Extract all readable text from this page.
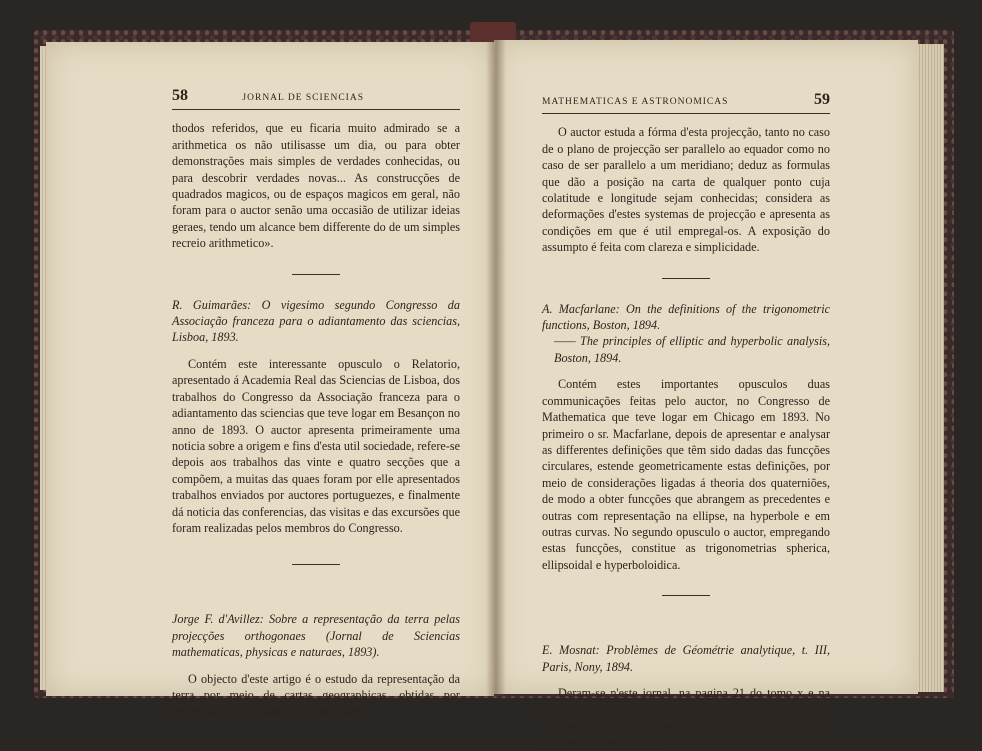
58	JORNAL DE SCIENCIAS

thodos referidos, que eu ficaria muito admirado se a arithmetica os não utilisasse um dia, ou para obter demonstrações mais simples de verdades conhecidas, ou para descobrir verdades novas... As construcções de quadrados magicos, ou de espaços magicos em geral, não foram para o auctor senão uma occasião de utilizar ideias geraes, tendo um alcance bem differente do de um simples recreio arithmetico».

R. Guimarães: O vigesimo segundo Congresso da Associação franceza para o adiantamento das sciencias, Lisboa, 1893.

Contém este interessante opusculo o Relatorio, apresentado á Academia Real das Sciencias de Lisboa, dos trabalhos do Congresso da Associação franceza para o adiantamento das sciencias que teve logar em Besançon no anno de 1893. O auctor apresenta primeiramente uma noticia sobre a origem e fins d'esta util sociedade, refere-se depois aos trabalhos das vinte e quatro secções que a compõem, a muitas das quaes foram por elle apresentados trabalhos enviados por auctores portuguezes, e finalmente dá noticia das conferencias, das visitas e das excursões que foram realizadas pelos membros do Congresso.

Jorge F. d'Avillez: Sobre a representação da terra pelas projecções orthogonaes (Jornal de Sciencias mathematicas, physicas e naturaes, 1893).

O objecto d'este artigo é o estudo da representação da terra por meio de cartas geographicas, obtidas por projecções orthographicas orthogonaes.

MATHEMATICAS E ASTRONOMICAS	59

O auctor estuda a fórma d'esta projecção, tanto no caso de o plano de projecção ser parallelo ao equador como no caso de ser parallelo a um meridiano; deduz as formulas que dão a posição na carta de qualquer ponto cuja colatitude e longitude sejam conhecidas; considera as deformações d'estes systemas de projecção e apresenta as condições em que é util empregal-os. A exposição do assumpto é feita com clareza e simplicidade.

A. Macfarlane: On the definitions of the trigonometric functions, Boston, 1894.
—— The principles of elliptic and hyperbolic analysis, Boston, 1894.

Contém estes importantes opusculos duas communicações feitas pelo auctor, no Congresso de Mathematica que teve logar em Chicago em 1893. No primeiro o sr. Macfarlane, depois de apresentar e analysar as differentes definições que têm sido dadas das funcções circulares, estende geometricamente estas definições, por meio de considerações ligadas á theoria dos quaterniões, de modo a obter funcções que abrangem as precedentes e outras com representação na ellipse, na hyperbole e em outras curvas. No segundo opusculo o auctor, empregando estas funcções, constitue as trigonometrias spherica, ellipsoidal e hyperboloidica.

E. Mosnat: Problèmes de Géométrie analytique, t. III, Paris, Nony, 1894.

Deram-se n'este jornal, na pagina 21 do tomo x e na pagina 5 do tomo xi, noticias a respeito dos dois primeiros volumes d'esta excellente collecção de problemas. No presente volume o auctor
